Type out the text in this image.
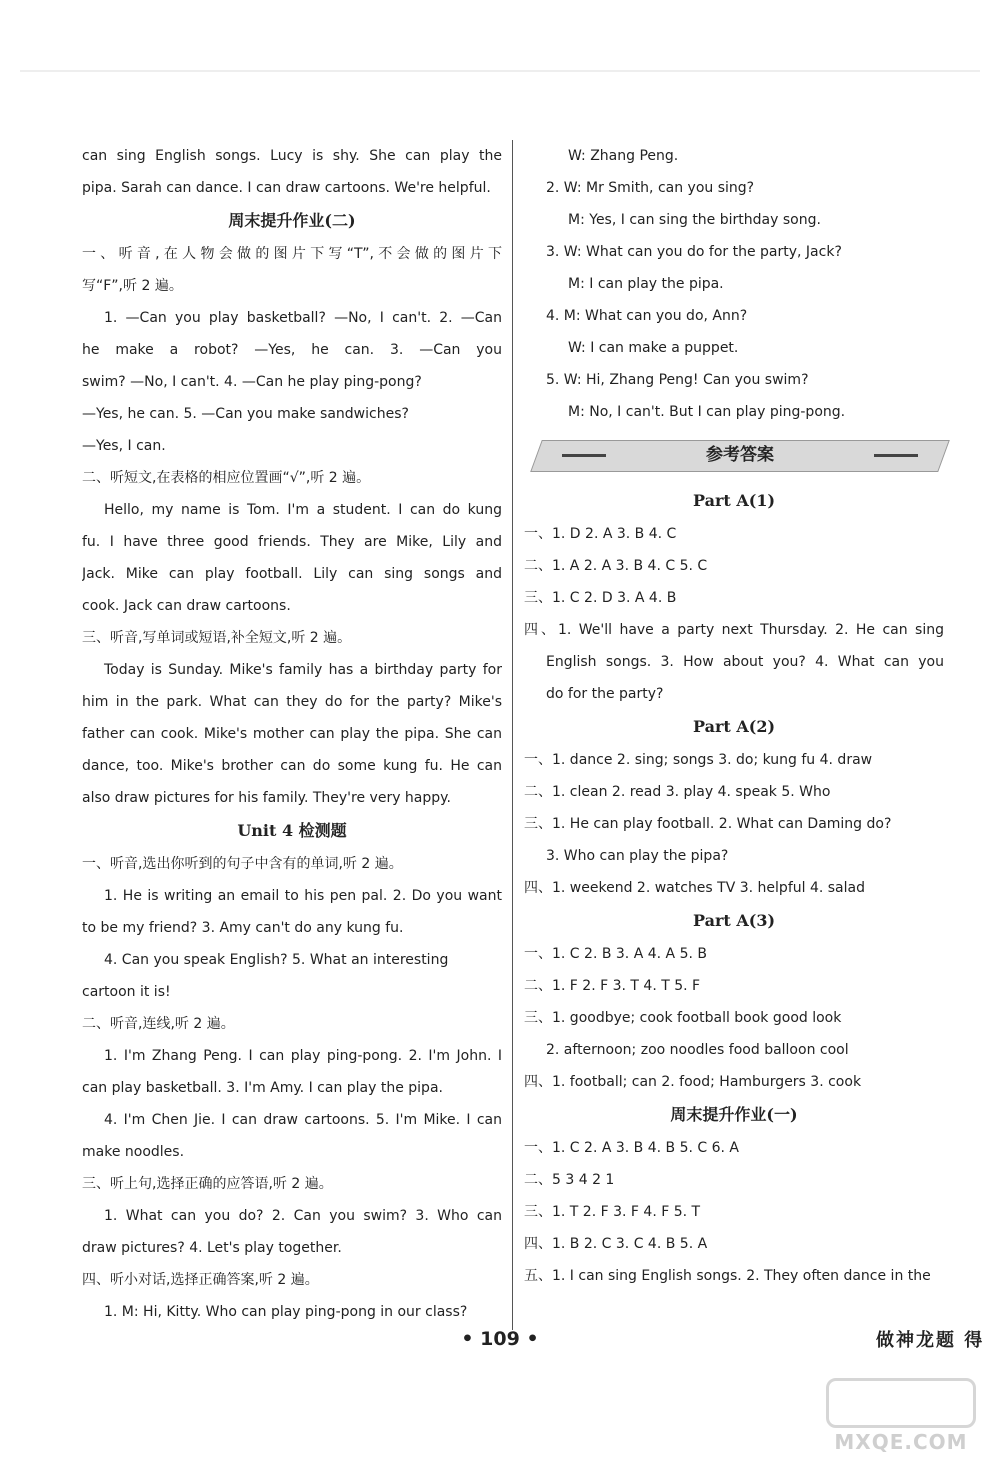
can sing English songs. Lucy is shy. She can play the
pipa. Sarah can dance. I can draw cartoons. We're helpful.
周末提升作业(二)
一、听音,在人物会做的图片下写“T”,不会做的图片下
写“F”,听 2 遍。
1. —Can you play basketball? —No, I can't. 2. —Can
he make a robot? —Yes, he can. 3. —Can you
swim? —No, I can't. 4. —Can he play ping-pong?
—Yes, he can. 5. —Can you make sandwiches?
—Yes, I can.
二、听短文,在表格的相应位置画“√”,听 2 遍。
Hello, my name is Tom. I'm a student. I can do kung
fu. I have three good friends. They are Mike, Lily and
Jack. Mike can play football. Lily can sing songs and
cook. Jack can draw cartoons.
三、听音,写单词或短语,补全短文,听 2 遍。
Today is Sunday. Mike's family has a birthday party for
him in the park. What can they do for the party? Mike's
father can cook. Mike's mother can play the pipa. She can
dance, too. Mike's brother can do some kung fu. He can
also draw pictures for his family. They're very happy.
Unit 4 检测题
一、听音,选出你听到的句子中含有的单词,听 2 遍。
1. He is writing an email to his pen pal. 2. Do you want
to be my friend? 3. Amy can't do any kung fu.
4. Can you speak English? 5. What an interesting
cartoon it is!
二、听音,连线,听 2 遍。
1. I'm Zhang Peng. I can play ping-pong. 2. I'm John. I
can play basketball. 3. I'm Amy. I can play the pipa.
4. I'm Chen Jie. I can draw cartoons. 5. I'm Mike. I can
make noodles.
三、听上句,选择正确的应答语,听 2 遍。
1. What can you do? 2. Can you swim? 3. Who can
draw pictures? 4. Let's play together.
四、听小对话,选择正确答案,听 2 遍。
1. M: Hi, Kitty. Who can play ping-pong in our class?
W: Zhang Peng.
2. W: Mr Smith, can you sing?
M: Yes, I can sing the birthday song.
3. W: What can you do for the party, Jack?
M: I can play the pipa.
4. M: What can you do, Ann?
W: I can make a puppet.
5. W: Hi, Zhang Peng! Can you swim?
M: No, I can't. But I can play ping-pong.
参考答案
Part A(1)
一、1. D 2. A 3. B 4. C
二、1. A 2. A 3. B 4. C 5. C
三、1. C 2. D 3. A 4. B
四、1. We'll have a party next Thursday. 2. He can sing
English songs. 3. How about you? 4. What can you
do for the party?
Part A(2)
一、1. dance 2. sing; songs 3. do; kung fu 4. draw
二、1. clean 2. read 3. play 4. speak 5. Who
三、1. He can play football. 2. What can Daming do?
3. Who can play the pipa?
四、1. weekend 2. watches TV 3. helpful 4. salad
Part A(3)
一、1. C 2. B 3. A 4. A 5. B
二、1. F 2. F 3. T 4. T 5. F
三、1. goodbye; cook football book good look
2. afternoon; zoo noodles food balloon cool
四、1. football; can 2. food; Hamburgers 3. cook
周末提升作业(一)
一、1. C 2. A 3. B 4. B 5. C 6. A
二、5 3 4 2 1
三、1. T 2. F 3. F 4. F 5. T
四、1. B 2. C 3. C 4. B 5. A
五、1. I can sing English songs. 2. They often dance in the
• 109 •	做神龙题 得
MXQE.COM
